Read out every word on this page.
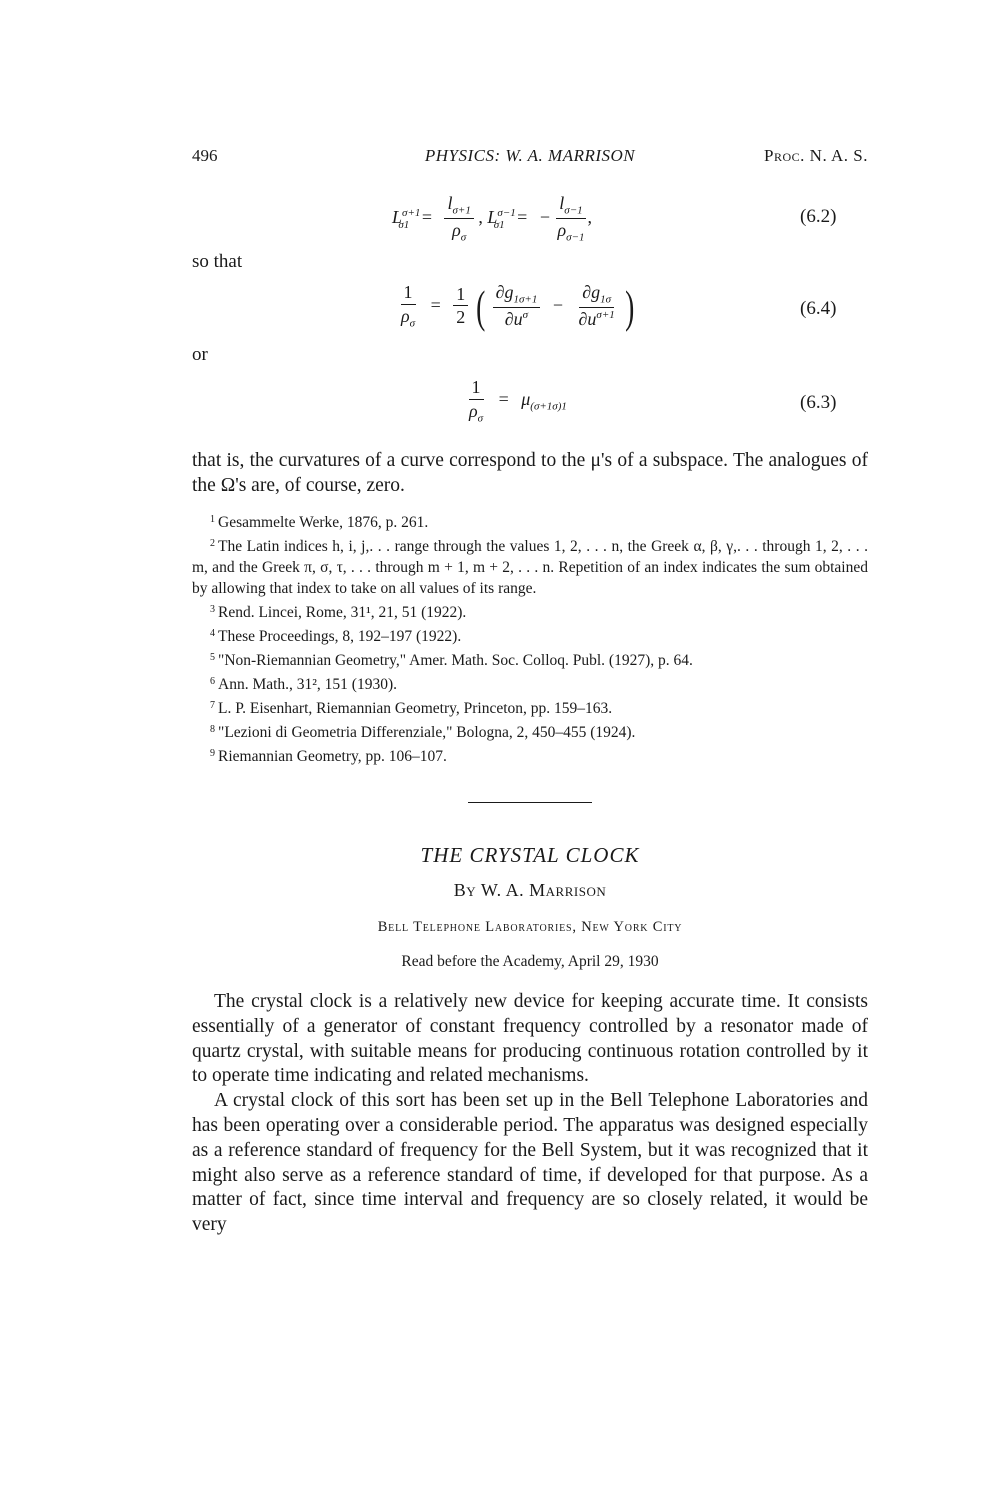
496	PHYSICS: W. A. MARRISON	Proc. N. A. S.
$L^{\sigma+1}_{\sigma 1} = \frac{l_{\sigma+1}}{\rho_\sigma}$ , $L^{\sigma-1}_{\sigma 1}$ = − $\frac{l_{\sigma-1}}{\rho_{\sigma-1}}$ ,	(6.2)
so that
$\frac{1}{\rho_\sigma} = \frac{1}{2}$ ( $\frac{\partial g_{1\sigma+1}}{\partial u^\sigma} - \frac{\partial g_{1\sigma}}{\partial u^{\sigma+1}}$ )	(6.4)
or
$\frac{1}{\rho_\sigma} = \mu_{(\sigma+1\sigma)1}$	(6.3)
that is, the curvatures of a curve correspond to the μ's of a subspace. The analogues of the Ω's are, of course, zero.

$^1$ Gesammelte Werke, 1876, p. 261.

$^2$ The Latin indices h, i, j,. . . range through the values 1, 2, . . . n, the Greek α, β, γ,. . . through 1, 2, . . . m, and the Greek π, σ, τ, . . . through m + 1, m + 2, . . . n. Repetition of an index indicates the sum obtained by allowing that index to take on all values of its range.

$^3$ Rend. Lincei, Rome, 31¹, 21, 51 (1922).

$^4$ These Proceedings, 8, 192–197 (1922).

$^5$ "Non-Riemannian Geometry," Amer. Math. Soc. Colloq. Publ. (1927), p. 64.

$^6$ Ann. Math., 31², 151 (1930).

$^7$ L. P. Eisenhart, Riemannian Geometry, Princeton, pp. 159–163.

$^8$ "Lezioni di Geometria Differenziale," Bologna, 2, 450–455 (1924).

$^9$ Riemannian Geometry, pp. 106–107.

THE CRYSTAL CLOCK
By W. A. Marrison
Bell Telephone Laboratories, New York City
Read before the Academy, April 29, 1930

The crystal clock is a relatively new device for keeping accurate time. It consists essentially of a generator of constant frequency controlled by a resonator made of quartz crystal, with suitable means for producing continuous rotation controlled by it to operate time indicating and related mechanisms.

A crystal clock of this sort has been set up in the Bell Telephone Laboratories and has been operating over a considerable period. The apparatus was designed especially as a reference standard of frequency for the Bell System, but it was recognized that it might also serve as a reference standard of time, if developed for that purpose. As a matter of fact, since time interval and frequency are so closely related, it would be very
